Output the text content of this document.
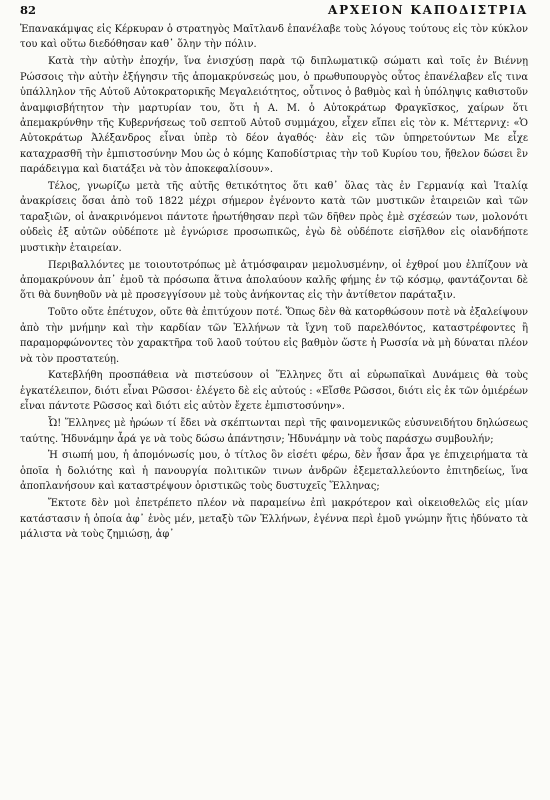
82	ΑΡΧΕΙΟΝ ΚΑΠΟΔΙΣΤΡΙΑ

Ἐπανακάμψας εἰς Κέρκυραν ὁ στρατηγὸς Μαῖτλανδ ἐπανέλαβε τοὺς λόγους τούτους εἰς τὸν κύκλον του καὶ οὕτω διεδόθησαν καθ᾽ ὅλην τὴν πόλιν.

Κατὰ τὴν αὐτὴν ἐποχήν, ἵνα ἐνισχύσῃ παρὰ τῷ διπλωματικῷ σώματι καὶ τοῖς ἐν Βιέννῃ Ρώσσοις τὴν αὐτὴν ἐξήγησιν τῆς ἀπομακρύνσεώς μου, ὁ πρωθυπουργὸς οὗτος ἐπανέλαβεν εἴς τινα ὑπάλληλον τῆς Αὐτοῦ Αὐτοκρατορικῆς Μεγαλειότητος, οὗτινος ὁ βαθμὸς καὶ ἡ ὑπόληψις καθιστοῦν ἀναμφισβήτητον τὴν μαρτυρίαν του, ὅτι ἡ Α. Μ. ὁ Αὐτοκράτωρ Φραγκῖσκος, χαίρων ὅτι ἀπεμακρύνθην τῆς Κυβερνήσεως τοῦ σεπτοῦ Αὐτοῦ συμμάχου, εἶχεν εἴπει εἰς τὸν κ. Μέττερνιχ: «Ὁ Αὐτοκράτωρ Ἀλέξανδρος εἶναι ὑπὲρ τὸ δέον ἀγαθός· ἐὰν εἰς τῶν ὑπηρετούντων Με εἶχε καταχρασθῆ τὴν ἐμπιστοσύνην Μου ὡς ὁ κόμης Καποδίστριας τὴν τοῦ Κυρίου του, ἤθελον δώσει ἓν παράδειγμα καὶ διατάξει νὰ τὸν ἀποκεφαλίσουν».

Τέλος, γνωρίζω μετὰ τῆς αὐτῆς θετικότητος ὅτι καθ᾽ ὅλας τὰς ἐν Γερμανίᾳ καὶ Ἰταλίᾳ ἀνακρίσεις ὅσαι ἀπὸ τοῦ 1822 μέχρι σήμερον ἐγένοντο κατὰ τῶν μυστικῶν ἑταιρειῶν καὶ τῶν ταραξιῶν, οἱ ἀνακρινόμενοι πάντοτε ἠρωτήθησαν περὶ τῶν δῆθεν πρὸς ἐμὲ σχέσεών των, μολονότι οὐδεὶς ἐξ αὐτῶν οὐδέποτε μὲ ἐγνώρισε προσωπικῶς, ἐγὼ δὲ οὐδέποτε εἰσῆλθον εἰς οἱανδήποτε μυστικὴν ἑταιρείαν.

Περιβαλλόντες με τοιουτοτρόπως μὲ ἀτμόσφαιραν μεμολυσμένην, οἱ ἐχθροί μου ἐλπίζουν νὰ ἀπομακρύνουν ἀπ᾽ ἐμοῦ τὰ πρόσωπα ἅτινα ἀπολαύουν καλῆς φήμης ἐν τῷ κόσμῳ, φαντάζονται δὲ ὅτι θὰ δυνηθοῦν νὰ μὲ προσεγγίσουν μὲ τοὺς ἀνήκοντας εἰς τὴν ἀντίθετον παράταξιν.

Τοῦτο οὔτε ἐπέτυχον, οὔτε θὰ ἐπιτύχουν ποτέ. Ὅπως δὲν θὰ κατορθώσουν ποτὲ νὰ ἐξαλείψουν ἀπὸ τὴν μνήμην καὶ τὴν καρδίαν τῶν Ἑλλήνων τὰ ἴχνη τοῦ παρελθόντος, καταστρέφοντες ἢ παραμορφώνοντες τὸν χαρακτῆρα τοῦ λαοῦ τούτου εἰς βαθμὸν ὥστε ἡ Ρωσσία νὰ μὴ δύναται πλέον νὰ τὸν προστατεύῃ.

Κατεβλήθη προσπάθεια νὰ πιστεύσουν οἱ Ἕλληνες ὅτι αἱ εὐρωπαϊκαὶ Δυνάμεις θὰ τοὺς ἐγκατέλειπον, διότι εἶναι Ρῶσσοι· ἐλέγετο δὲ εἰς αὐτούς : «Εἴσθε Ρῶσσοι, διότι εἰς ἐκ τῶν ὁμιέρέων εἶναι πάντοτε Ρῶσσος καὶ διότι εἰς αὐτὸν ἔχετε ἐμπιστοσύνην».

Ὦ! Ἕλληνες μὲ ἡρώων τί ἔδει νὰ σκέπτωνται περὶ τῆς φαινομενικῶς εὐσυνειδήτου δηλώσεως ταύτης. Ἠδυνάμην ἆρά γε νὰ τοὺς δώσω ἀπάντησιν; Ἠδυνάμην νὰ τοὺς παράσχω συμβουλήν;

Ἡ σιωπή μου, ἡ ἀπομόνωσίς μου, ὁ τίτλος ὃν εἰσέτι φέρω, δὲν ἦσαν ἆρα γε ἐπιχειρήματα τὰ ὁποῖα ἡ δολιότης καὶ ἡ πανουργία πολιτικῶν τινων ἀνδρῶν ἐξεμεταλλεύοντο ἐπιτηδείως, ἵνα ἀποπλανήσουν καὶ καταστρέψουν ὁριστικῶς τοὺς δυστυχεῖς Ἕλληνας;

Ἔκτοτε δὲν μοὶ ἐπετρέπετο πλέον νὰ παραμείνω ἐπὶ μακρότερον καὶ οἰκειοθελῶς εἰς μίαν κατάστασιν ἡ ὁποία ἀφ᾽ ἑνὸς μέν, μεταξὺ τῶν Ἑλλήνων, ἐγέννα περὶ ἐμοῦ γνώμην ἥτις ἠδύνατο τὰ μάλιστα νὰ τοὺς ζημιώσῃ, ἀφ᾽
